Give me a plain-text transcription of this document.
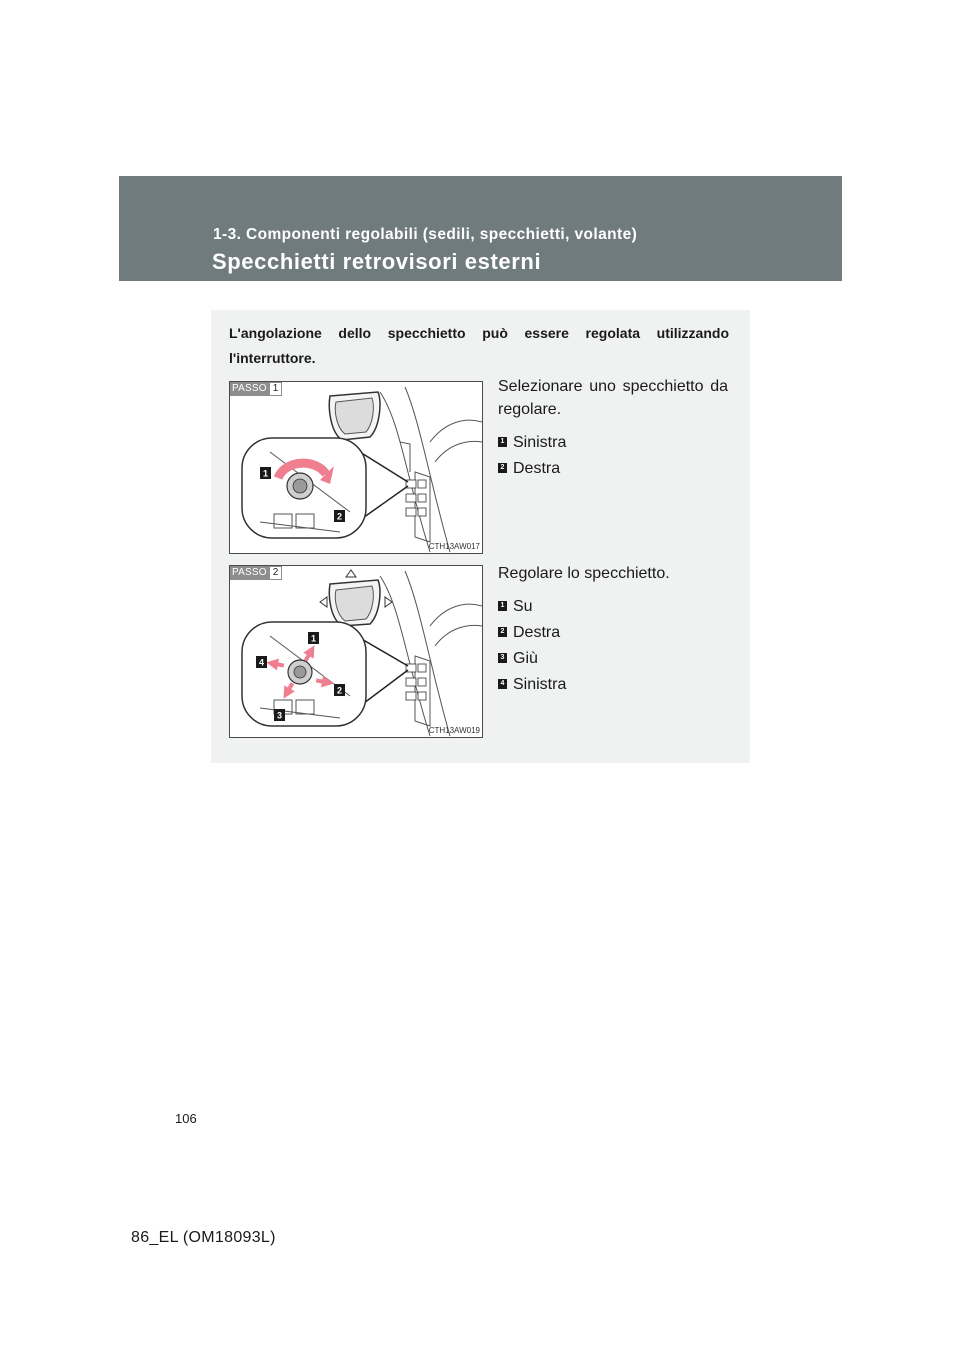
1-3. Componenti regolabili (sedili, specchietti, volante)
Specchietti retrovisori esterni
L'angolazione dello specchietto può essere regolata utilizzando l'interruttore.
1
2
PASSO 1
CTH13AW017
Selezionare uno specchietto da regolare.
1 Sinistra
2 Destra
1
2
3
4
PASSO 2
CTH13AW019
Regolare lo specchietto.
1 Su
2 Destra
3 Giù
4 Sinistra
106
86_EL (OM18093L)
